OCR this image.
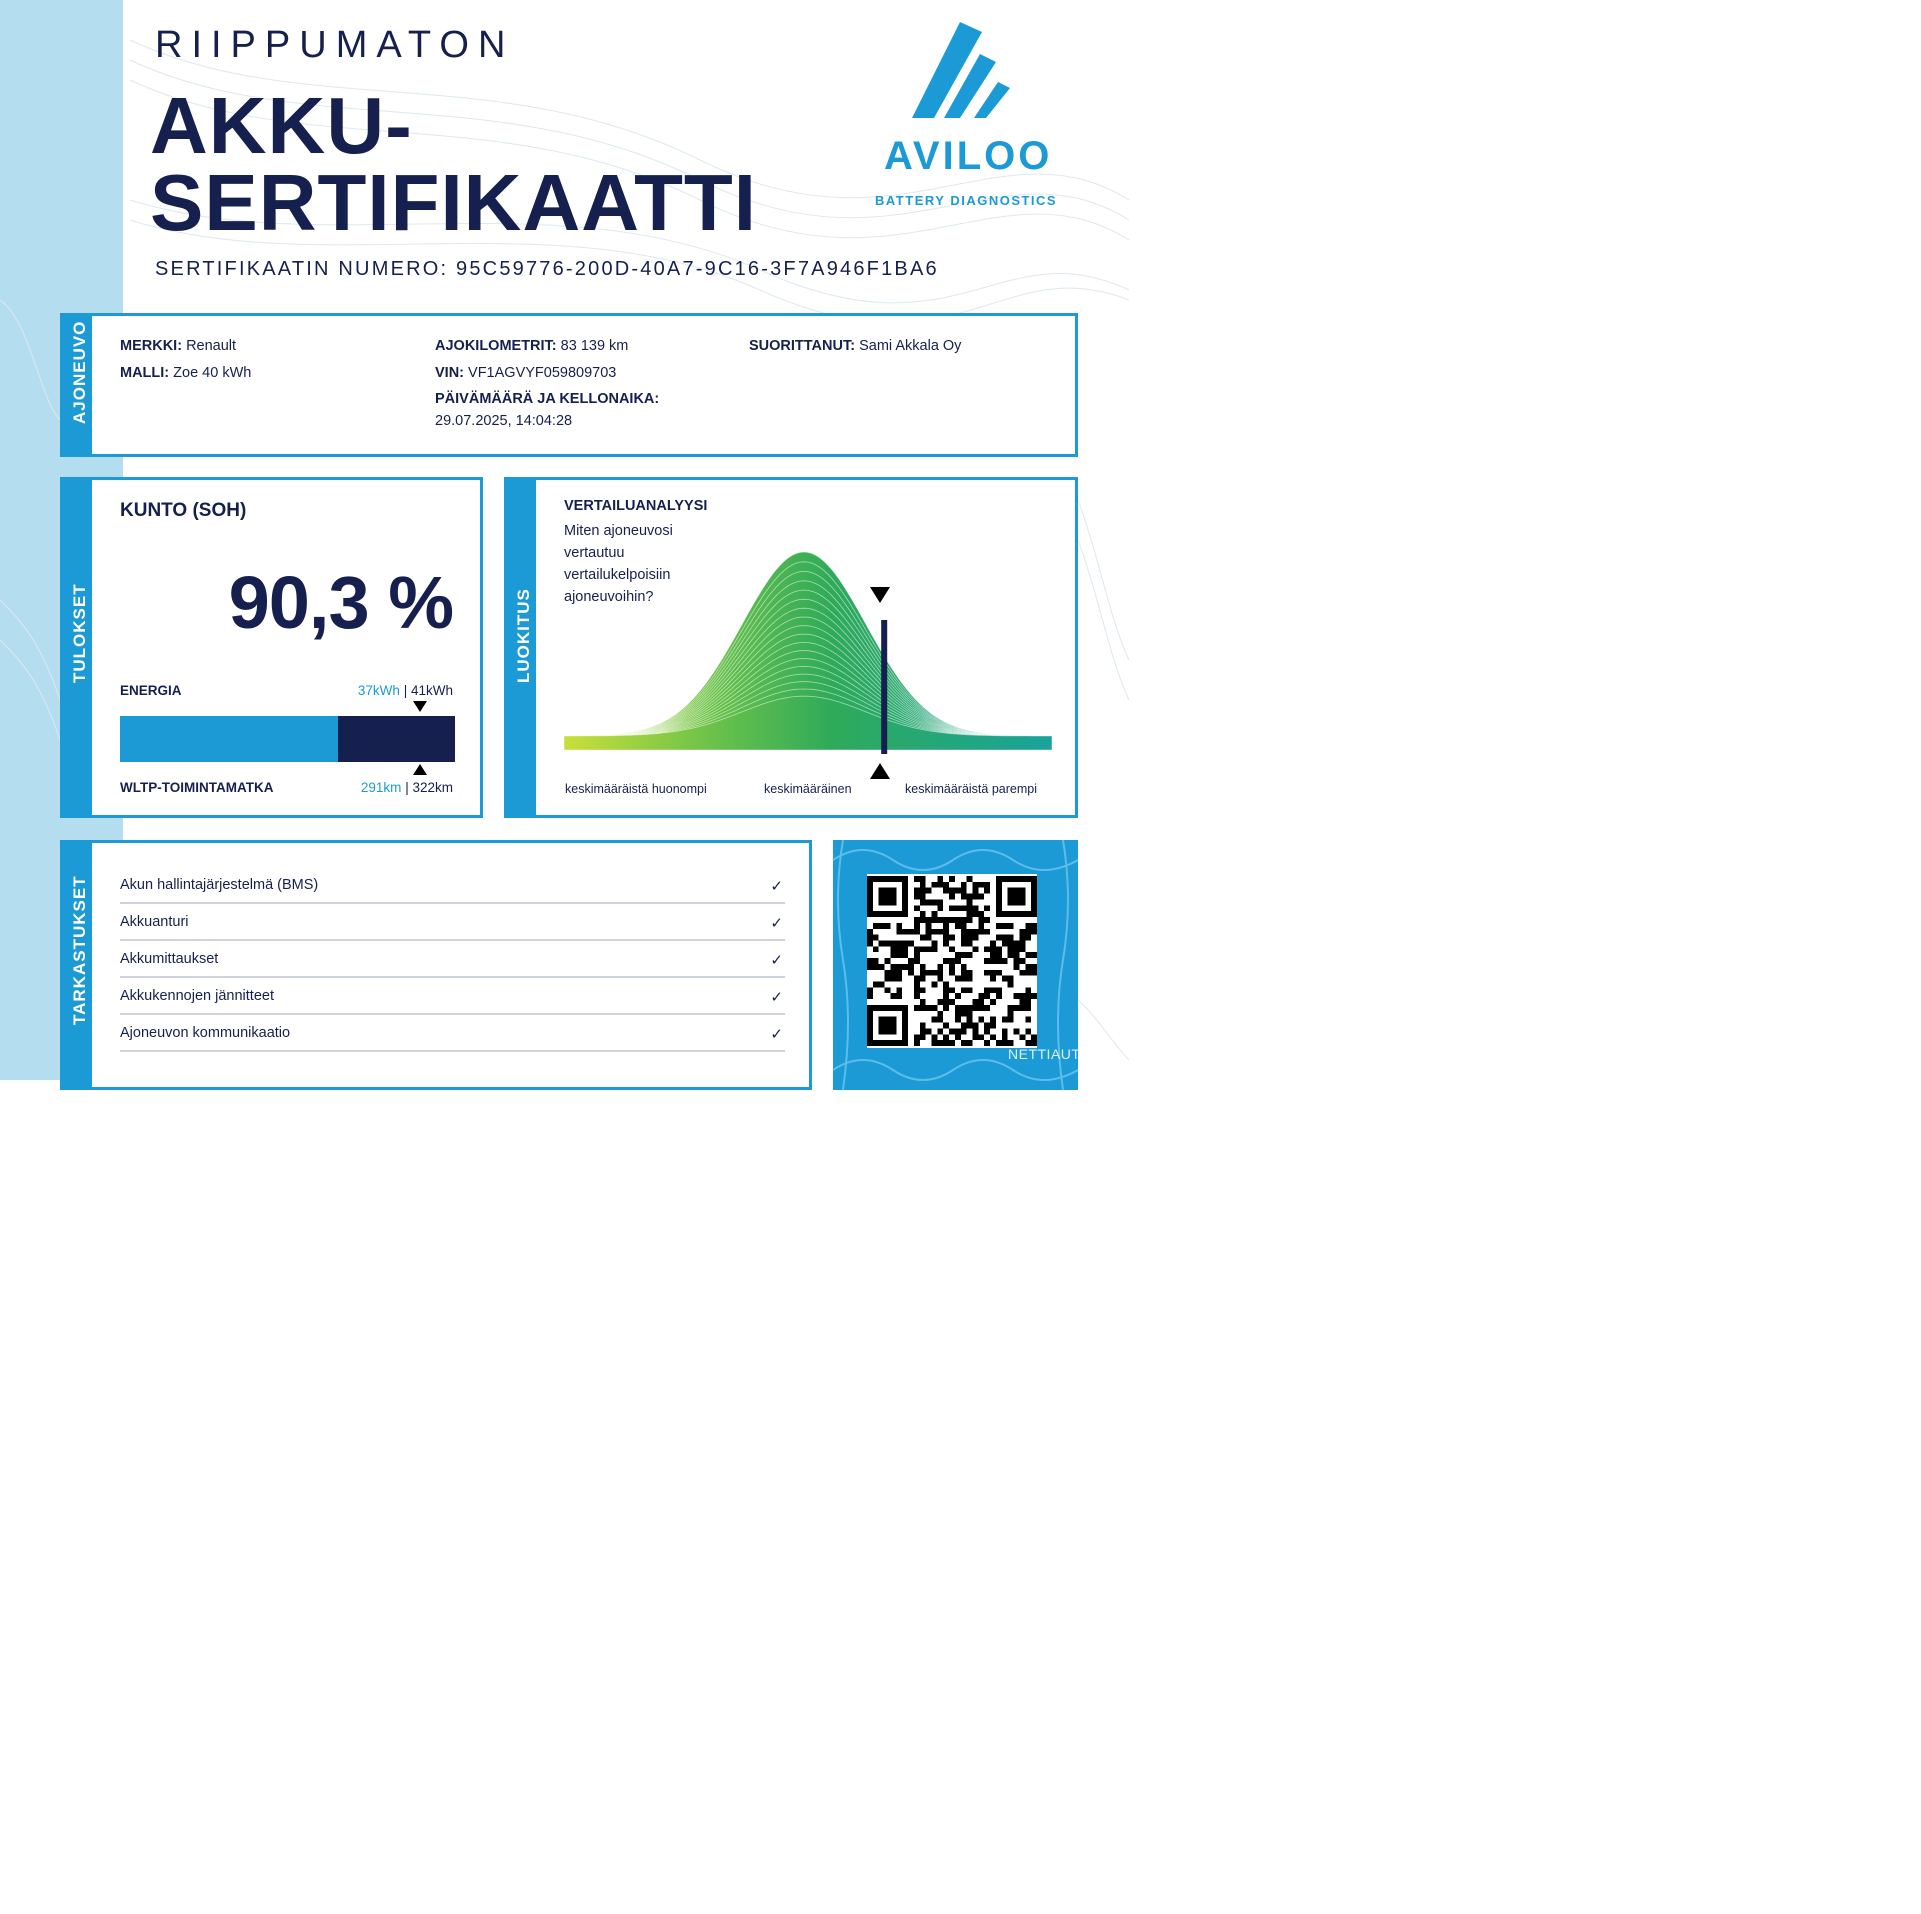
RIIPPUMATON
AKKU-
SERTIFIKAATTI
SERTIFIKAATIN NUMERO: 95C59776-200D-40A7-9C16-3F7A946F1BA6
AVILOO
BATTERY DIAGNOSTICS
AJONEUVO MERKKI: Renault
MALLI: Zoe 40 kWh
AJOKILOMETRIT: 83 139 km
VIN: VF1AGVYF059809703
PÄIVÄMÄÄRÄ JA KELLONAIKA:
29.07.2025, 14:04:28
SUORITTANUT: Sami Akkala Oy
TULOKSET
KUNTO (SOH)
90,3 %
ENERGIA	37kWh | 41kWh
WLTP-TOIMINTAMATKA	291km | 322km
LUOKITUS
VERTAILUANALYYSI
Miten ajoneuvosi vertautuu vertailukelpoisiin ajoneuvoihin?
keskimääräistä huonompi	keskimääräinen	keskimääräistä parempi
TARKASTUKSET Akun hallintajärjestelmä (BMS)	✓
Akkuanturi	✓
Akkumittaukset	✓
Akkukennojen jännitteet	✓
Ajoneuvon kommunikaatio	✓
SCAN FOR
DETAILS
NETTIAUTO
